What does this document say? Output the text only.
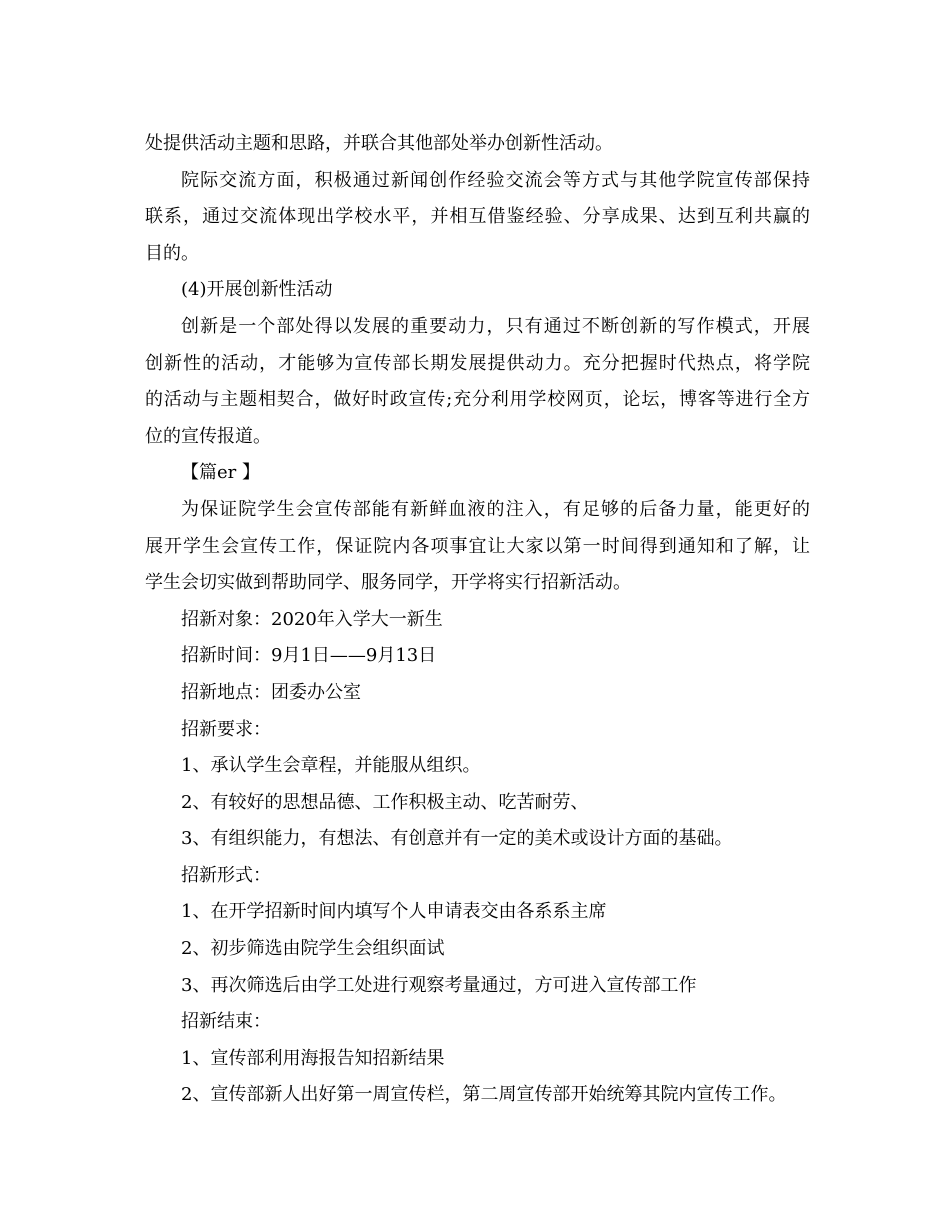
处提供活动主题和思路，并联合其他部处举办创新性活动。
院际交流方面，积极通过新闻创作经验交流会等方式与其他学院宣传部保持
联系，通过交流体现出学校水平，并相互借鉴经验、分享成果、达到互利共赢的
目的。
(4)开展创新性活动
创新是一个部处得以发展的重要动力，只有通过不断创新的写作模式，开展
创新性的活动，才能够为宣传部长期发展提供动力。充分把握时代热点，将学院
的活动与主题相契合，做好时政宣传;充分利用学校网页，论坛，博客等进行全方
位的宣传报道。
【篇er 】
为保证院学生会宣传部能有新鲜血液的注入，有足够的后备力量，能更好的
展开学生会宣传工作，保证院内各项事宜让大家以第一时间得到通知和了解，让
学生会切实做到帮助同学、服务同学，开学将实行招新活动。
招新对象：2020年入学大一新生
招新时间：9月1日——9月13日
招新地点：团委办公室
招新要求：
1、承认学生会章程，并能服从组织。
2、有较好的思想品德、工作积极主动、吃苦耐劳、
3、有组织能力，有想法、有创意并有一定的美术或设计方面的基础。
招新形式：
1、在开学招新时间内填写个人申请表交由各系系主席
2、初步筛选由院学生会组织面试
3、再次筛选后由学工处进行观察考量通过，方可进入宣传部工作
招新结束：
1、宣传部利用海报告知招新结果
2、宣传部新人出好第一周宣传栏，第二周宣传部开始统筹其院内宣传工作。
